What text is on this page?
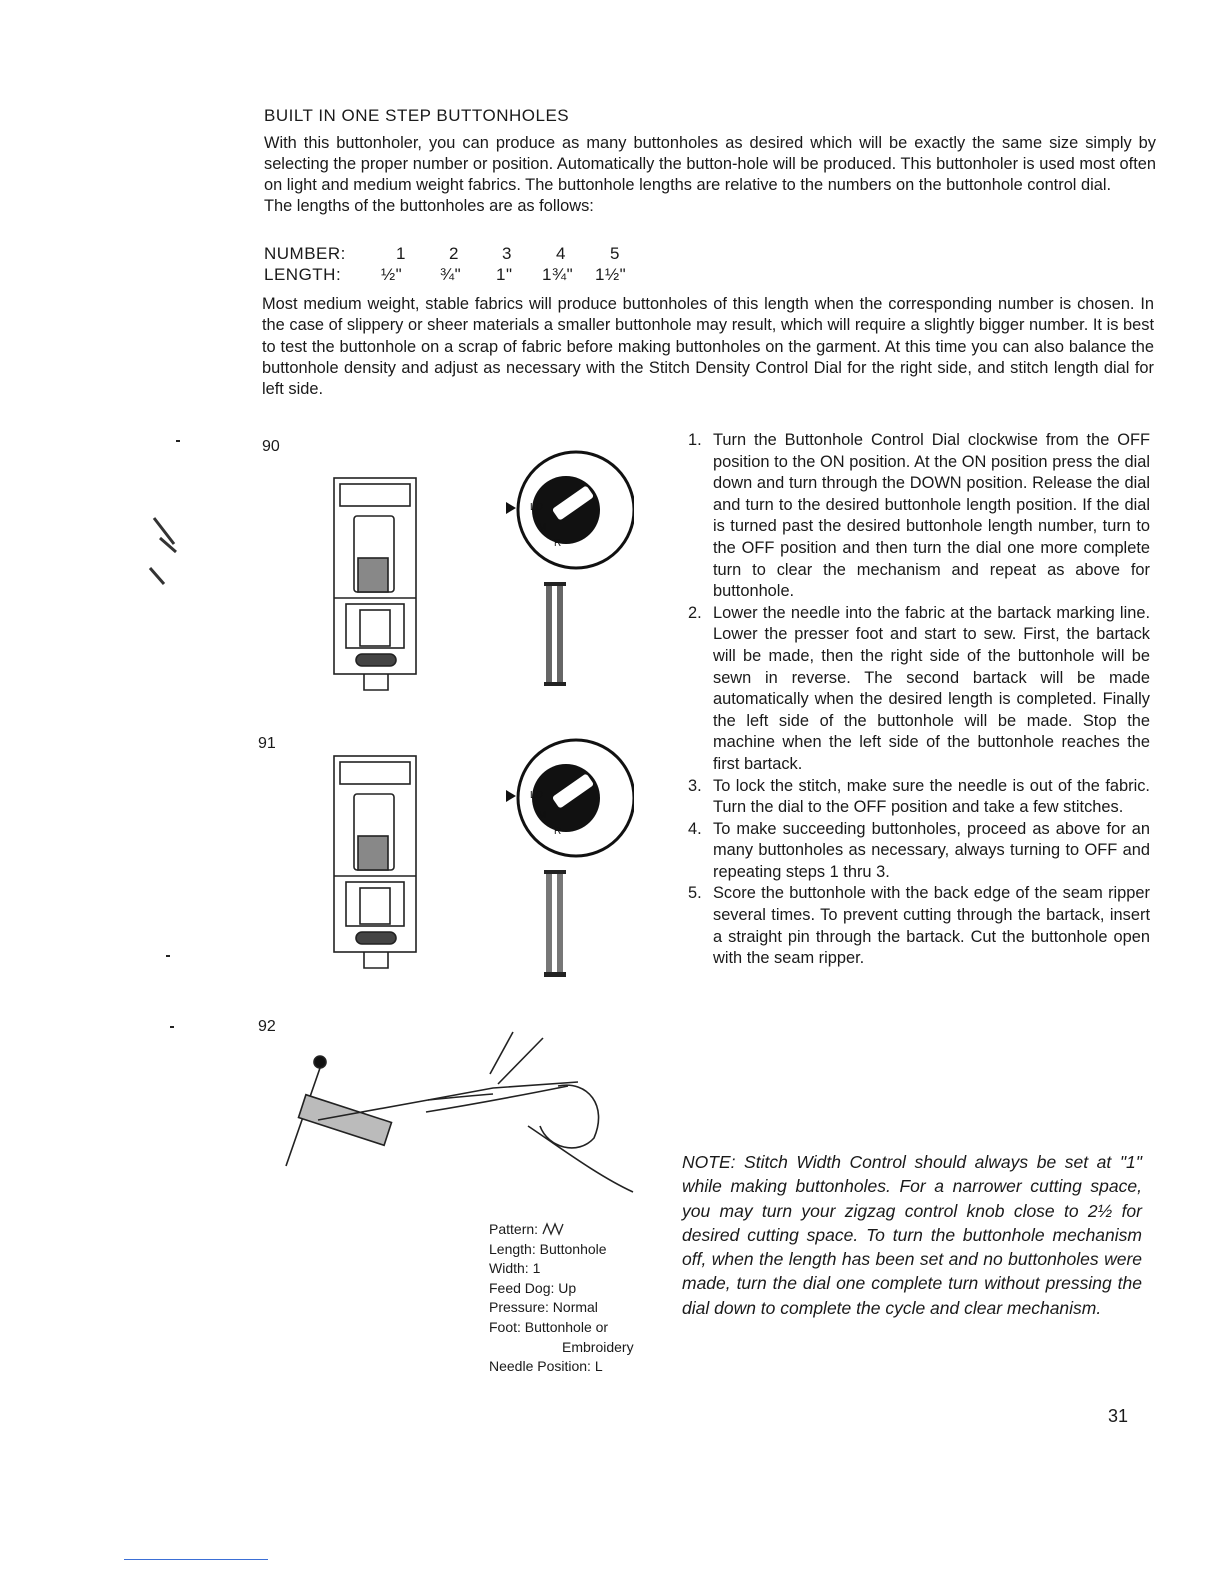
BUILT IN ONE STEP BUTTONHOLES

With this buttonholer, you can produce as many buttonholes as desired which will be exactly the same size simply by selecting the proper number or position. Automatically the button-hole will be produced. This buttonholer is used most often on light and medium weight fabrics. The buttonhole lengths are relative to the numbers on the buttonhole control dial.

The lengths of the buttonholes are as follows:

NUMBER:	1	2	3	4	5
LENGTH: ½" ¾" 1" 1¾" 1½"
Most medium weight, stable fabrics will produce buttonholes of this length when the corresponding number is chosen. In the case of slippery or sheer materials a smaller buttonhole may result, which will require a slightly bigger number. It is best to test the buttonhole on a scrap of fabric before making buttonholes on the garment. At this time you can also balance the buttonhole density and adjust as necessary with the Stitch Density Control Dial for the right side, and stitch length dial for left side.
90
91
92
LO
M
R
LO
M
R
1. Turn the Buttonhole Control Dial clockwise from the OFF position to the ON position. At the ON position press the dial down and turn through the DOWN position. Release the dial and turn to the desired buttonhole length position. If the dial is turned past the desired buttonhole length number, turn to the OFF position and then turn the dial one more complete turn to clear the mechanism and repeat as above for buttonhole.
2. Lower the needle into the fabric at the bartack marking line. Lower the presser foot and start to sew. First, the bartack will be made, then the right side of the buttonhole will be sewn in reverse. The second bartack will be made automatically when the desired length is completed. Finally the left side of the buttonhole will be made. Stop the machine when the left side of the buttonhole reaches the first bartack.
3. To lock the stitch, make sure the needle is out of the fabric. Turn the dial to the OFF position and take a few stitches.
4. To make succeeding buttonholes, proceed as above for an many buttonholes as necessary, always turning to OFF and repeating steps 1 thru 3.
5. Score the buttonhole with the back edge of the seam ripper several times. To prevent cutting through the bartack, insert a straight pin through the bartack. Cut the buttonhole open with the seam ripper.
NOTE: Stitch Width Control should always be set at "1" while making buttonholes. For a narrower cutting space, you may turn your zigzag control knob close to 2½ for desired cutting space. To turn the buttonhole mechanism off, when the length has been set and no buttonholes were made, turn the dial one complete turn without pressing the dial down to complete the cycle and clear mechanism.
Pattern:
Length: Buttonhole
Width: 1
Feed Dog: Up
Pressure: Normal
Foot: Buttonhole or
Embroidery
Needle Position: L
31
